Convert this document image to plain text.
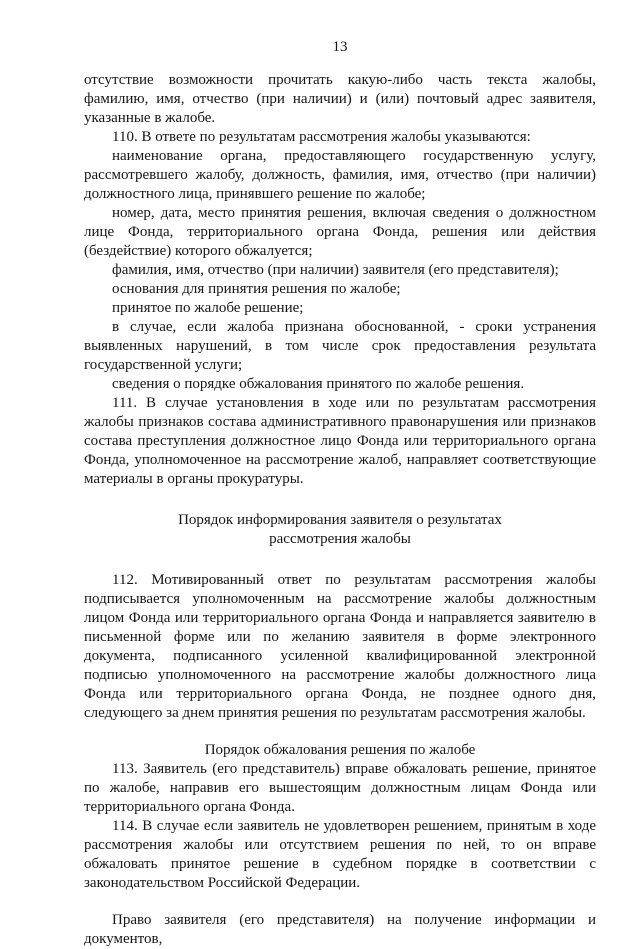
13

отсутствие возможности прочитать какую-либо часть текста жалобы, фамилию, имя, отчество (при наличии) и (или) почтовый адрес заявителя, указанные в жалобе.

110. В ответе по результатам рассмотрения жалобы указываются:

наименование органа, предоставляющего государственную услугу, рассмотревшего жалобу, должность, фамилия, имя, отчество (при наличии) должностного лица, принявшего решение по жалобе;

номер, дата, место принятия решения, включая сведения о должностном лице Фонда, территориального органа Фонда, решения или действия (бездействие) которого обжалуется;

фамилия, имя, отчество (при наличии) заявителя (его представителя);

основания для принятия решения по жалобе;

принятое по жалобе решение;

в случае, если жалоба признана обоснованной, - сроки устранения выявленных нарушений, в том числе срок предоставления результата государственной услуги;

сведения о порядке обжалования принятого по жалобе решения.

111. В случае установления в ходе или по результатам рассмотрения жалобы признаков состава административного правонарушения или признаков состава преступления должностное лицо Фонда или территориального органа Фонда, уполномоченное на рассмотрение жалоб, направляет соответствующие материалы в органы прокуратуры.

Порядок информирования заявителя о результатах
рассмотрения жалобы

112. Мотивированный ответ по результатам рассмотрения жалобы подписывается уполномоченным на рассмотрение жалобы должностным лицом Фонда или территориального органа Фонда и направляется заявителю в письменной форме или по желанию заявителя в форме электронного документа, подписанного усиленной квалифицированной электронной подписью уполномоченного на рассмотрение жалобы должностного лица Фонда или территориального органа Фонда, не позднее одного дня, следующего за днем принятия решения по результатам рассмотрения жалобы.

Порядок обжалования решения по жалобе

113. Заявитель (его представитель) вправе обжаловать решение, принятое по жалобе, направив его вышестоящим должностным лицам Фонда или территориального органа Фонда.

114. В случае если заявитель не удовлетворен решением, принятым в ходе рассмотрения жалобы или отсутствием решения по ней, то он вправе обжаловать принятое решение в судебном порядке в соответствии с законодательством Российской Федерации.

Право заявителя (его представителя) на получение информации и документов,
